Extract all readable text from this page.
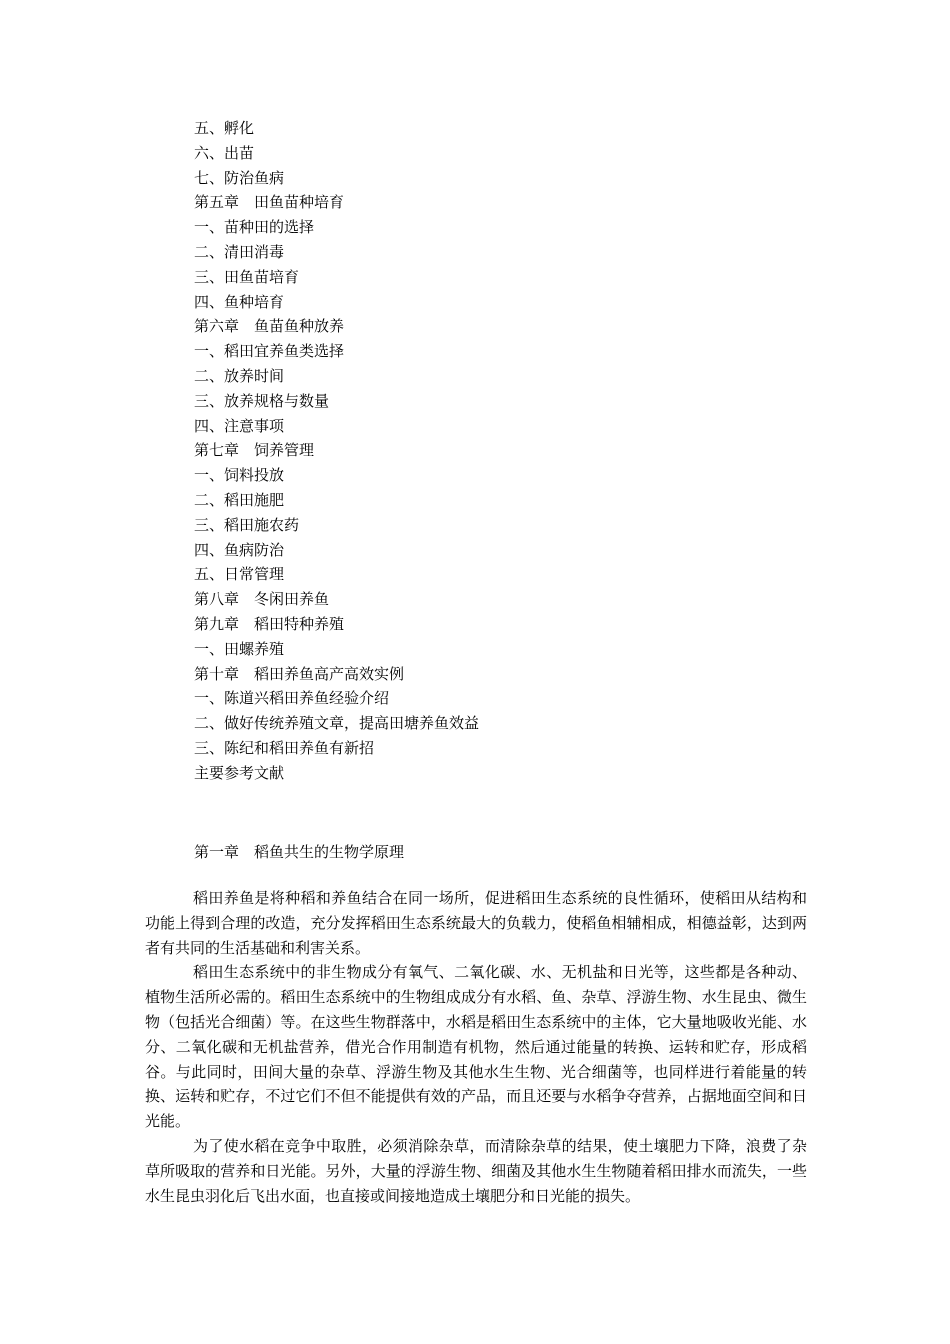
五、孵化
六、出苗
七、防治鱼病
第五章　田鱼苗种培育
一、苗种田的选择
二、清田消毒
三、田鱼苗培育
四、鱼种培育
第六章　鱼苗鱼种放养
一、稻田宜养鱼类选择
二、放养时间
三、放养规格与数量
四、注意事项
第七章　饲养管理
一、饲料投放
二、稻田施肥
三、稻田施农药
四、鱼病防治
五、日常管理
第八章　冬闲田养鱼
第九章　稻田特种养殖
一、田螺养殖
第十章　稻田养鱼高产高效实例
一、陈道兴稻田养鱼经验介绍
二、做好传统养殖文章，提高田塘养鱼效益
三、陈纪和稻田养鱼有新招
主要参考文献
第一章　稻鱼共生的生物学原理

稻田养鱼是将种稻和养鱼结合在同一场所，促进稻田生态系统的良性循环，使稻田从结构和功能上得到合理的改造，充分发挥稻田生态系统最大的负载力，使稻鱼相辅相成，相德益彰，达到两者有共同的生活基础和利害关系。

稻田生态系统中的非生物成分有氧气、二氧化碳、水、无机盐和日光等，这些都是各种动、植物生活所必需的。稻田生态系统中的生物组成成分有水稻、鱼、杂草、浮游生物、水生昆虫、微生物（包括光合细菌）等。在这些生物群落中，水稻是稻田生态系统中的主体，它大量地吸收光能、水分、二氧化碳和无机盐营养，借光合作用制造有机物，然后通过能量的转换、运转和贮存，形成稻谷。与此同时，田间大量的杂草、浮游生物及其他水生生物、光合细菌等，也同样进行着能量的转换、运转和贮存，不过它们不但不能提供有效的产品，而且还要与水稻争夺营养，占据地面空间和日光能。

为了使水稻在竞争中取胜，必须消除杂草，而清除杂草的结果，使土壤肥力下降，浪费了杂草所吸取的营养和日光能。另外，大量的浮游生物、细菌及其他水生生物随着稻田排水而流失，一些水生昆虫羽化后飞出水面，也直接或间接地造成土壤肥分和日光能的损失。
